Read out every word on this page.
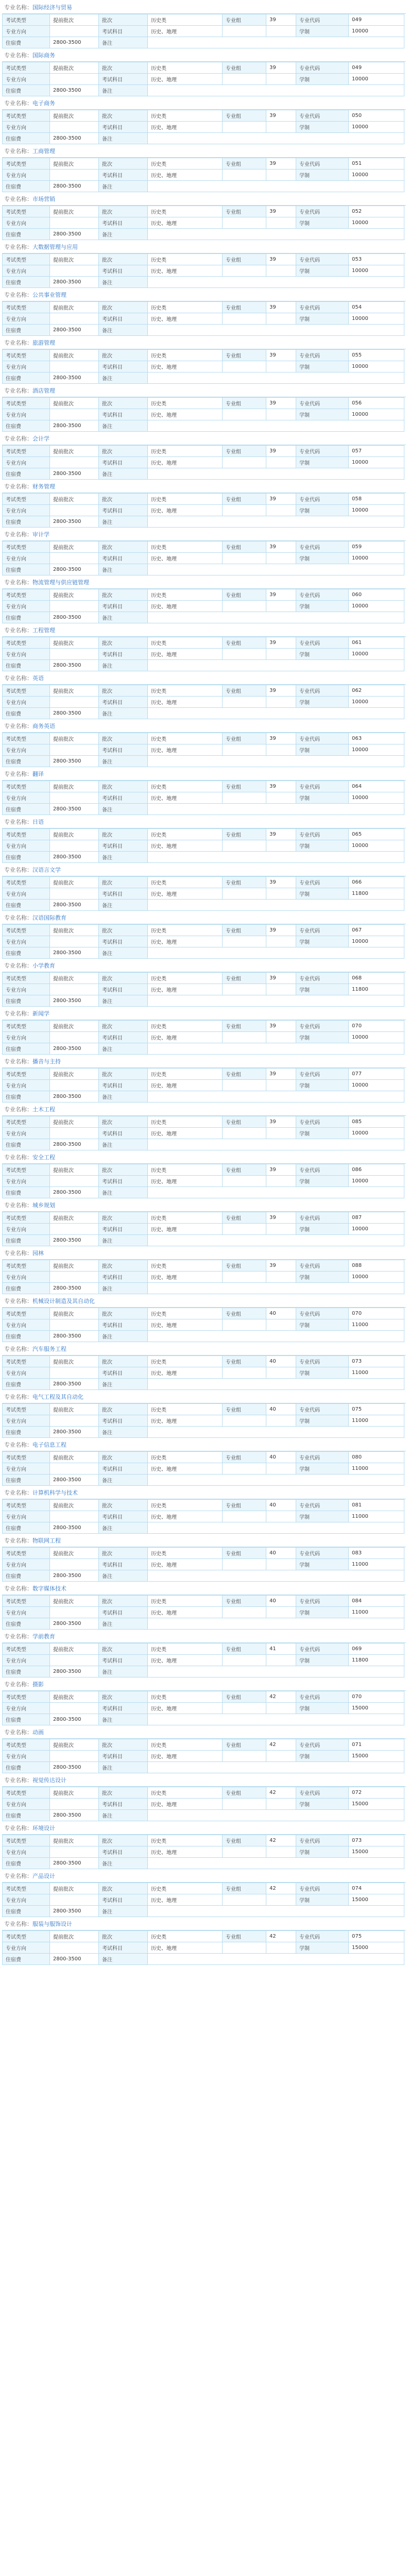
专业名称：国际经济与贸易
考试类型	提前批次	批次	历史类	专业组	39	专业代码	049
专业方向		考试科目	历史、地理			学制	10000
住宿费	2800-3500	备注					
专业名称：国际商务
考试类型	提前批次	批次	历史类	专业组	39	专业代码	049
专业方向		考试科目	历史、地理			学制	10000
住宿费	2800-3500	备注					
专业名称：电子商务
考试类型	提前批次	批次	历史类	专业组	39	专业代码	050
专业方向		考试科目	历史、地理			学制	10000
住宿费	2800-3500	备注					
专业名称：工商管理
考试类型	提前批次	批次	历史类	专业组	39	专业代码	051
专业方向		考试科目	历史、地理			学制	10000
住宿费	2800-3500	备注					
专业名称：市场营销
考试类型	提前批次	批次	历史类	专业组	39	专业代码	052
专业方向		考试科目	历史、地理			学制	10000
住宿费	2800-3500	备注					
专业名称：大数据管理与应用
考试类型	提前批次	批次	历史类	专业组	39	专业代码	053
专业方向		考试科目	历史、地理			学制	10000
住宿费	2800-3500	备注					
专业名称：公共事业管理
考试类型	提前批次	批次	历史类	专业组	39	专业代码	054
专业方向		考试科目	历史、地理			学制	10000
住宿费	2800-3500	备注					
专业名称：旅游管理
考试类型	提前批次	批次	历史类	专业组	39	专业代码	055
专业方向		考试科目	历史、地理			学制	10000
住宿费	2800-3500	备注					
专业名称：酒店管理
考试类型	提前批次	批次	历史类	专业组	39	专业代码	056
专业方向		考试科目	历史、地理			学制	10000
住宿费	2800-3500	备注					
专业名称：会计学
考试类型	提前批次	批次	历史类	专业组	39	专业代码	057
专业方向		考试科目	历史、地理			学制	10000
住宿费	2800-3500	备注					
专业名称：财务管理
考试类型	提前批次	批次	历史类	专业组	39	专业代码	058
专业方向		考试科目	历史、地理			学制	10000
住宿费	2800-3500	备注					
专业名称：审计学
考试类型	提前批次	批次	历史类	专业组	39	专业代码	059
专业方向		考试科目	历史、地理			学制	10000
住宿费	2800-3500	备注					
专业名称：物流管理与供应链管理
考试类型	提前批次	批次	历史类	专业组	39	专业代码	060
专业方向		考试科目	历史、地理			学制	10000
住宿费	2800-3500	备注					
专业名称：工程管理
考试类型	提前批次	批次	历史类	专业组	39	专业代码	061
专业方向		考试科目	历史、地理			学制	10000
住宿费	2800-3500	备注					
专业名称：英语
考试类型	提前批次	批次	历史类	专业组	39	专业代码	062
专业方向		考试科目	历史、地理			学制	10000
住宿费	2800-3500	备注					
专业名称：商务英语
考试类型	提前批次	批次	历史类	专业组	39	专业代码	063
专业方向		考试科目	历史、地理			学制	10000
住宿费	2800-3500	备注					
专业名称：翻译
考试类型	提前批次	批次	历史类	专业组	39	专业代码	064
专业方向		考试科目	历史、地理			学制	10000
住宿费	2800-3500	备注					
专业名称：日语
考试类型	提前批次	批次	历史类	专业组	39	专业代码	065
专业方向		考试科目	历史、地理			学制	10000
住宿费	2800-3500	备注					
专业名称：汉语言文学
考试类型	提前批次	批次	历史类	专业组	39	专业代码	066
专业方向		考试科目	历史、地理			学制	11800
住宿费	2800-3500	备注					
专业名称：汉语国际教育
考试类型	提前批次	批次	历史类	专业组	39	专业代码	067
专业方向		考试科目	历史、地理			学制	10000
住宿费	2800-3500	备注					
专业名称：小学教育
考试类型	提前批次	批次	历史类	专业组	39	专业代码	068
专业方向		考试科目	历史、地理			学制	11800
住宿费	2800-3500	备注					
专业名称：新闻学
考试类型	提前批次	批次	历史类	专业组	39	专业代码	070
专业方向		考试科目	历史、地理			学制	10000
住宿费	2800-3500	备注					
专业名称：播音与主持
考试类型	提前批次	批次	历史类	专业组	39	专业代码	077
专业方向		考试科目	历史、地理			学制	10000
住宿费	2800-3500	备注					
专业名称：土木工程
考试类型	提前批次	批次	历史类	专业组	39	专业代码	085
专业方向		考试科目	历史、地理			学制	10000
住宿费	2800-3500	备注					
专业名称：安全工程
考试类型	提前批次	批次	历史类	专业组	39	专业代码	086
专业方向		考试科目	历史、地理			学制	10000
住宿费	2800-3500	备注					
专业名称：城乡规划
考试类型	提前批次	批次	历史类	专业组	39	专业代码	087
专业方向		考试科目	历史、地理			学制	10000
住宿费	2800-3500	备注					
专业名称：园林
考试类型	提前批次	批次	历史类	专业组	39	专业代码	088
专业方向		考试科目	历史、地理			学制	10000
住宿费	2800-3500	备注					
专业名称：机械设计制造及其自动化
考试类型	提前批次	批次	历史类	专业组	40	专业代码	070
专业方向		考试科目	历史、地理			学制	11000
住宿费	2800-3500	备注					
专业名称：汽车服务工程
考试类型	提前批次	批次	历史类	专业组	40	专业代码	073
专业方向		考试科目	历史、地理			学制	11000
住宿费	2800-3500	备注					
专业名称：电气工程及其自动化
考试类型	提前批次	批次	历史类	专业组	40	专业代码	075
专业方向		考试科目	历史、地理			学制	11000
住宿费	2800-3500	备注					
专业名称：电子信息工程
考试类型	提前批次	批次	历史类	专业组	40	专业代码	080
专业方向		考试科目	历史、地理			学制	11000
住宿费	2800-3500	备注					
专业名称：计算机科学与技术
考试类型	提前批次	批次	历史类	专业组	40	专业代码	081
专业方向		考试科目	历史、地理			学制	11000
住宿费	2800-3500	备注					
专业名称：物联网工程
考试类型	提前批次	批次	历史类	专业组	40	专业代码	083
专业方向		考试科目	历史、地理			学制	11000
住宿费	2800-3500	备注					
专业名称：数字媒体技术
考试类型	提前批次	批次	历史类	专业组	40	专业代码	084
专业方向		考试科目	历史、地理			学制	11000
住宿费	2800-3500	备注					
专业名称：学前教育
考试类型	提前批次	批次	历史类	专业组	41	专业代码	069
专业方向		考试科目	历史、地理			学制	11800
住宿费	2800-3500	备注					
专业名称：摄影
考试类型	提前批次	批次	历史类	专业组	42	专业代码	070
专业方向		考试科目	历史、地理			学制	15000
住宿费	2800-3500	备注					
专业名称：动画
考试类型	提前批次	批次	历史类	专业组	42	专业代码	071
专业方向		考试科目	历史、地理			学制	15000
住宿费	2800-3500	备注					
专业名称：视觉传达设计
考试类型	提前批次	批次	历史类	专业组	42	专业代码	072
专业方向		考试科目	历史、地理			学制	15000
住宿费	2800-3500	备注					
专业名称：环境设计
考试类型	提前批次	批次	历史类	专业组	42	专业代码	073
专业方向		考试科目	历史、地理			学制	15000
住宿费	2800-3500	备注					
专业名称：产品设计
考试类型	提前批次	批次	历史类	专业组	42	专业代码	074
专业方向		考试科目	历史、地理			学制	15000
住宿费	2800-3500	备注					
专业名称：服装与服饰设计
考试类型	提前批次	批次	历史类	专业组	42	专业代码	075
专业方向		考试科目	历史、地理			学制	15000
住宿费	2800-3500	备注					
